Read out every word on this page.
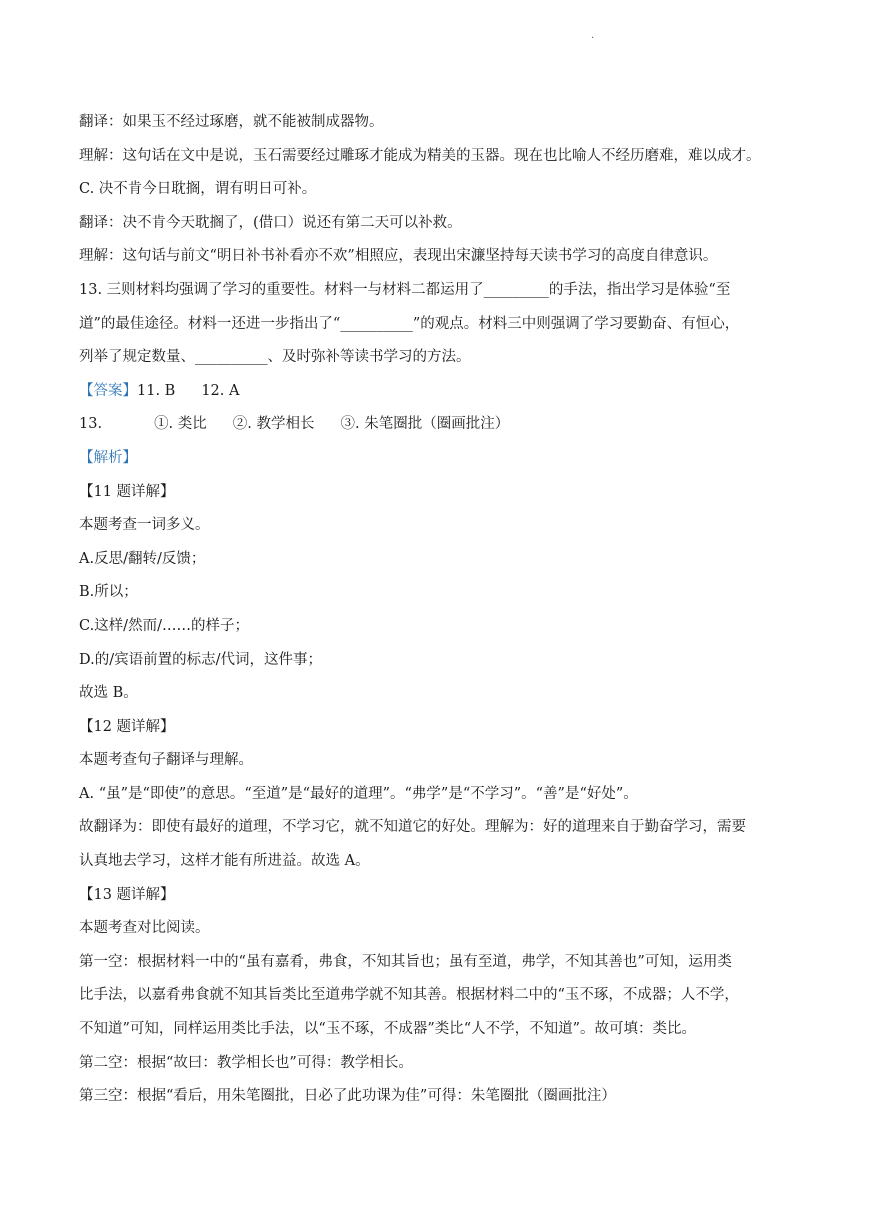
.
翻译：如果玉不经过琢磨，就不能被制成器物。
理解：这句话在文中是说，玉石需要经过雕琢才能成为精美的玉器。现在也比喻人不经历磨难，难以成才。
C. 决不肯今日耽搁，谓有明日可补。
翻译：决不肯今天耽搁了，(借口）说还有第二天可以补救。
理解：这句话与前文“明日补书补看亦不欢”相照应，表现出宋濂坚持每天读书学习的高度自律意识。
13. 三则材料均强调了学习的重要性。材料一与材料二都运用了_________的手法，指出学习是体验“至
道”的最佳途径。材料一还进一步指出了“__________”的观点。材料三中则强调了学习要勤奋、有恒心，
列举了规定数量、__________、及时弥补等读书学习的方法。
【答案】11. B 12. A
13.	①. 类比 ②. 教学相长 ③. 朱笔圈批（圈画批注）
【解析】
【11 题详解】
本题考查一词多义。
A.反思/翻转/反馈；
B.所以；
C.这样/然而/……的样子；
D.的/宾语前置的标志/代词，这件事；
故选 B。
【12 题详解】
本题考查句子翻译与理解。
A. “虽”是“即使”的意思。“至道”是“最好的道理”。“弗学”是“不学习”。“善”是“好处”。
故翻译为：即使有最好的道理，不学习它，就不知道它的好处。理解为：好的道理来自于勤奋学习，需要
认真地去学习，这样才能有所进益。故选 A。
【13 题详解】
本题考查对比阅读。
第一空：根据材料一中的“虽有嘉肴，弗食，不知其旨也；虽有至道，弗学，不知其善也”可知，运用类
比手法，以嘉肴弗食就不知其旨类比至道弗学就不知其善。根据材料二中的“玉不琢，不成器；人不学，
不知道”可知，同样运用类比手法，以“玉不琢，不成器”类比“人不学，不知道”。故可填：类比。
第二空：根据“故曰：教学相长也”可得：教学相长。
第三空：根据“看后，用朱笔圈批，日必了此功课为佳”可得：朱笔圈批（圈画批注）
